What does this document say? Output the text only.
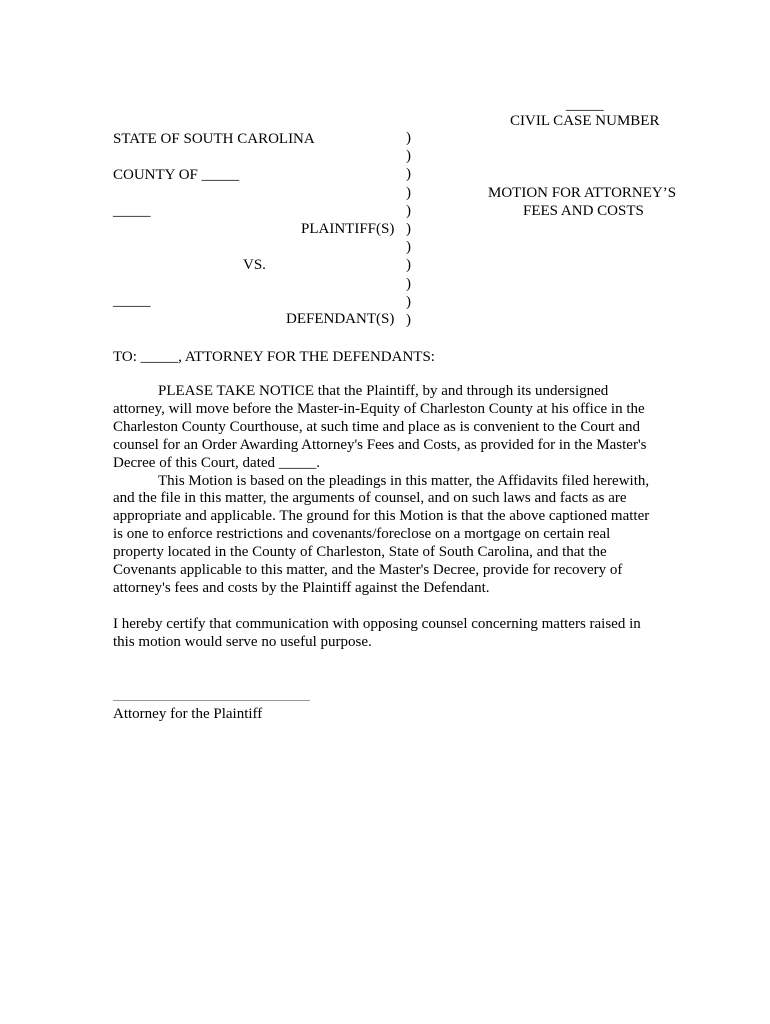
_____
CIVIL CASE NUMBER
STATE OF SOUTH CAROLINA
COUNTY OF _____
_____
PLAINTIFF(S)
VS.
_____
DEFENDANT(S)
)
)
)
)
)
)
)
)
)
)
)
MOTION FOR ATTORNEY’S
FEES AND COSTS
TO: _____, ATTORNEY FOR THE DEFENDANTS:

PLEASE TAKE NOTICE that the Plaintiff, by and through its undersigned attorney, will move before the Master-in-Equity of Charleston County at his office in the Charleston County Courthouse, at such time and place as is convenient to the Court and counsel for an Order Awarding Attorney's Fees and Costs, as provided for in the Master's Decree of this Court, dated _____.

This Motion is based on the pleadings in this matter, the Affidavits filed herewith, and the file in this matter, the arguments of counsel, and on such laws and facts as are appropriate and applicable. The ground for this Motion is that the above captioned matter is one to enforce restrictions and covenants/foreclose on a mortgage on certain real property located in the County of Charleston, State of South Carolina, and that the Covenants applicable to this matter, and the Master's Decree, provide for recovery of attorney's fees and costs by the Plaintiff against the Defendant.

I hereby certify that communication with opposing counsel concerning matters raised in this motion would serve no useful purpose.
Attorney for the Plaintiff
